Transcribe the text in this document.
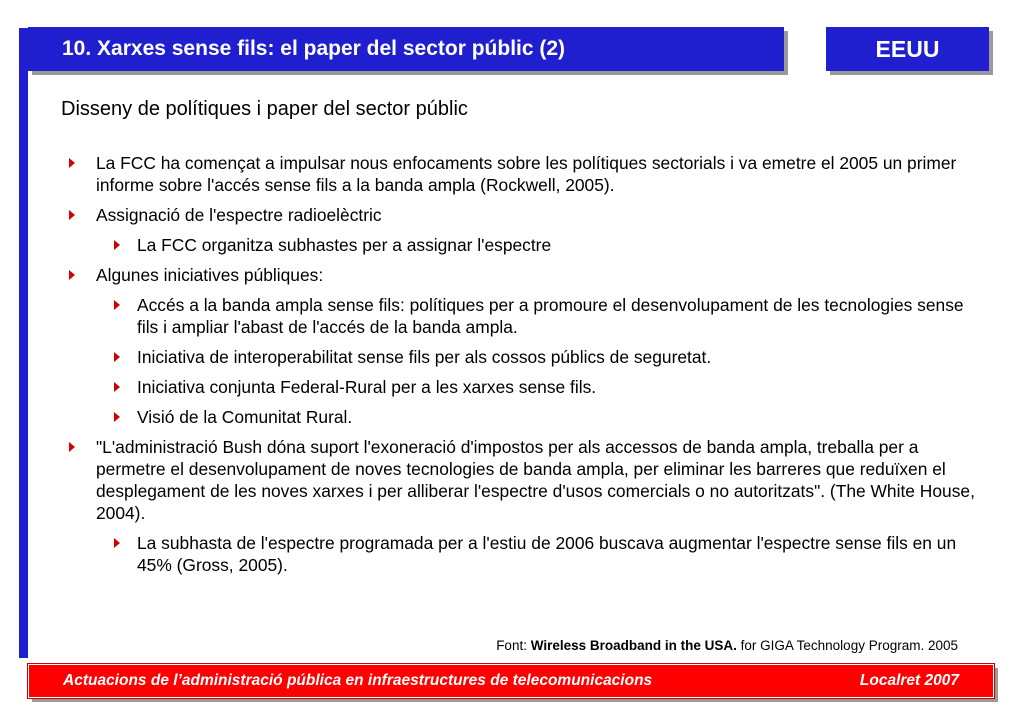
10. Xarxes sense fils: el paper del sector públic (2)	EEUU
Disseny de polítiques i paper del sector públic
La FCC ha començat a impulsar nous enfocaments sobre les polítiques sectorials i va emetre el 2005 un primer informe sobre l'accés sense fils a la banda ampla (Rockwell, 2005).
Assignació de l'espectre radioelèctric
La FCC organitza subhastes per a assignar l'espectre
Algunes iniciatives públiques:
Accés a la banda ampla sense fils: polítiques per a promoure el desenvolupament de les tecnologies sense fils i ampliar l'abast de l'accés de la banda ampla.
Iniciativa de interoperabilitat sense fils per als cossos públics de seguretat.
Iniciativa conjunta Federal-Rural per a les xarxes sense fils.
Visió de la Comunitat Rural.
"L'administració Bush dóna suport l'exoneració d'impostos per als accessos de banda ampla, treballa per a permetre el desenvolupament de noves tecnologies de banda ampla, per eliminar les barreres que reduïxen el desplegament de les noves xarxes i per alliberar l'espectre d'usos comercials o no autoritzats". (The White House, 2004).
La subhasta de l'espectre programada per a l'estiu de 2006 buscava augmentar l'espectre sense fils en un 45% (Gross, 2005).
Font: Wireless Broadband in the USA. for GIGA Technology Program. 2005
Actuacions de l’administració pública en infraestructures de telecomunicacions	Localret 2007
